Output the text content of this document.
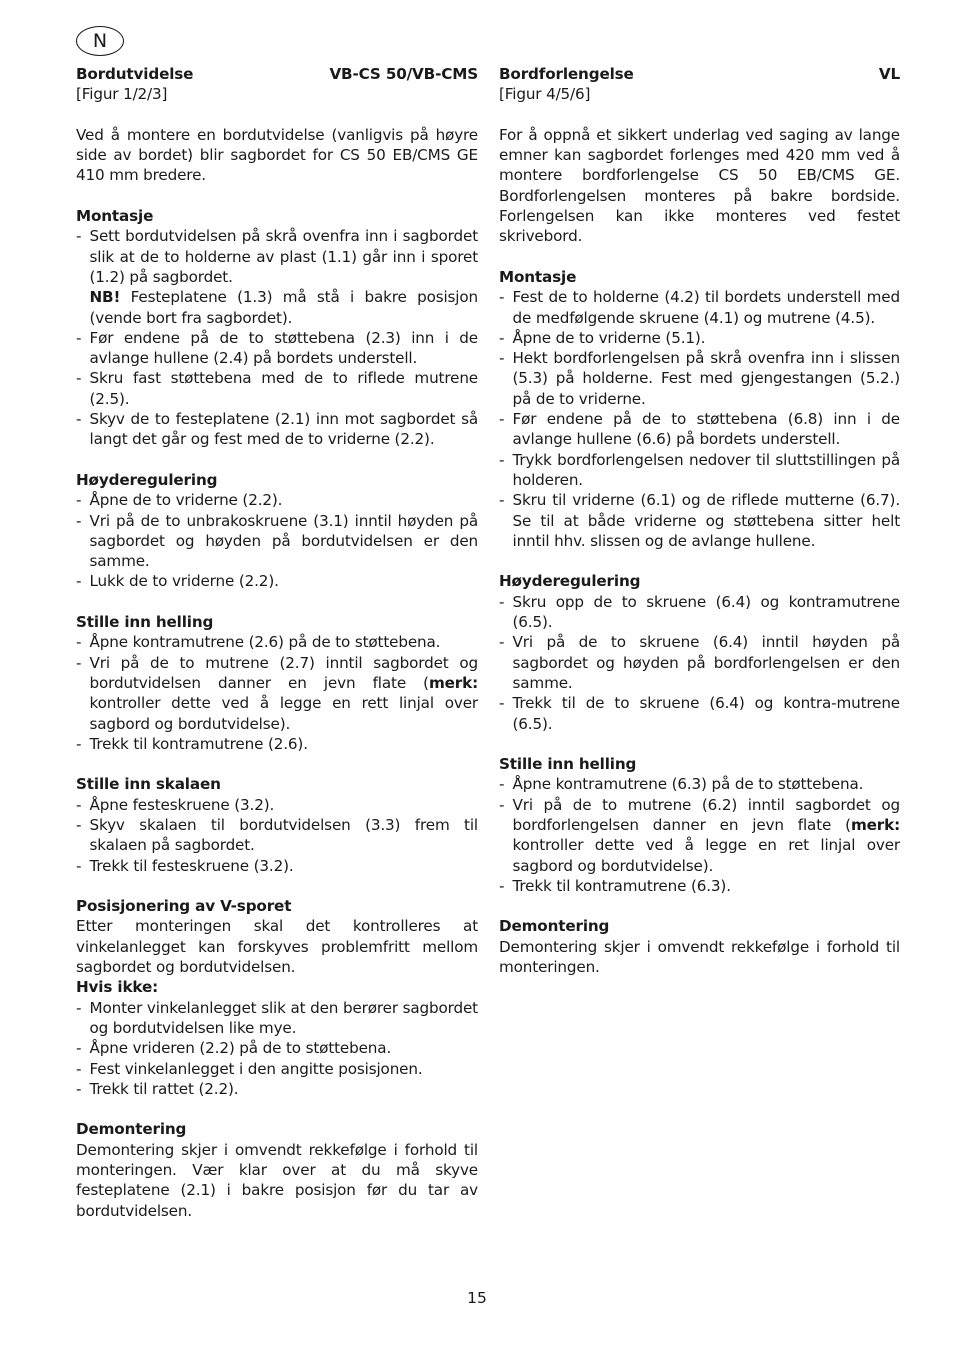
N
Bordutvidelse	VB-CS 50/VB-CMS
[Figur 1/2/3]

Ved å montere en bordutvidelse (vanligvis på høyre side av bordet) blir sagbordet for CS 50 EB/CMS GE 410 mm bredere.

Montasje
- Sett bordutvidelsen på skrå ovenfra inn i sagbordet slik at de to holderne av plast (1.1) går inn i sporet (1.2) på sagbordet.
NB! Festeplatene (1.3) må stå i bakre posisjon (vende bort fra sagbordet).
- Før endene på de to støttebena (2.3) inn i de avlange hullene (2.4) på bordets understell.
- Skru fast støttebena med de to riflede mutrene (2.5).
- Skyv de to festeplatene (2.1) inn mot sagbordet så langt det går og fest med de to vriderne (2.2).
Høyderegulering
- Åpne de to vriderne (2.2).
- Vri på de to unbrakoskruene (3.1) inntil høyden på sagbordet og høyden på bordutvidelsen er den samme.
- Lukk de to vriderne (2.2).
Stille inn helling
- Åpne kontramutrene (2.6) på de to støttebena.
- Vri på de to mutrene (2.7) inntil sagbordet og bordutvidelsen danner en jevn flate (merk: kontroller dette ved å legge en rett linjal over sagbord og bordutvidelse).
- Trekk til kontramutrene (2.6).
Stille inn skalaen
- Åpne festeskruene (3.2).
- Skyv skalaen til bordutvidelsen (3.3) frem til skalaen på sagbordet.
- Trekk til festeskruene (3.2).
Posisjonering av V-sporet

Etter monteringen skal det kontrolleres at vinkelanlegget kan forskyves problemfritt mellom sagbordet og bordutvidelsen.

Hvis ikke:
- Monter vinkelanlegget slik at den berører sagbordet og bordutvidelsen like mye.
- Åpne vrideren (2.2) på de to støttebena.
- Fest vinkelanlegget i den angitte posisjonen.
- Trekk til rattet (2.2).
Demontering

Demontering skjer i omvendt rekkefølge i forhold til monteringen. Vær klar over at du må skyve festeplatene (2.1) i bakre posisjon før du tar av bordutvidelsen.

Bordforlengelse	VL
[Figur 4/5/6]

For å oppnå et sikkert underlag ved saging av lange emner kan sagbordet forlenges med 420 mm ved å montere bordforlengelse CS 50 EB/CMS GE. Bordforlengelsen monteres på bakre bordside. Forlengelsen kan ikke monteres ved festet skrivebord.

Montasje
- Fest de to holderne (4.2) til bordets understell med de medfølgende skruene (4.1) og mutrene (4.5).
- Åpne de to vriderne (5.1).
- Hekt bordforlengelsen på skrå ovenfra inn i slissen (5.3) på holderne. Fest med gjengestangen (5.2.) på de to vriderne.
- Før endene på de to støttebena (6.8) inn i de avlange hullene (6.6) på bordets understell.
- Trykk bordforlengelsen nedover til sluttstillingen på holderen.
- Skru til vriderne (6.1) og de riflede mutterne (6.7). Se til at både vriderne og støttebena sitter helt inntil hhv. slissen og de avlange hullene.
Høyderegulering
- Skru opp de to skruene (6.4) og kontramutrene (6.5).
- Vri på de to skruene (6.4) inntil høyden på sagbordet og høyden på bordforlengelsen er den samme.
- Trekk til de to skruene (6.4) og kontra-mutrene (6.5).
Stille inn helling
- Åpne kontramutrene (6.3) på de to støttebena.
- Vri på de to mutrene (6.2) inntil sagbordet og bordforlengelsen danner en jevn flate (merk: kontroller dette ved å legge en ret linjal over sagbord og bordutvidelse).
- Trekk til kontramutrene (6.3).
Demontering

Demontering skjer i omvendt rekkefølge i forhold til monteringen.

15
